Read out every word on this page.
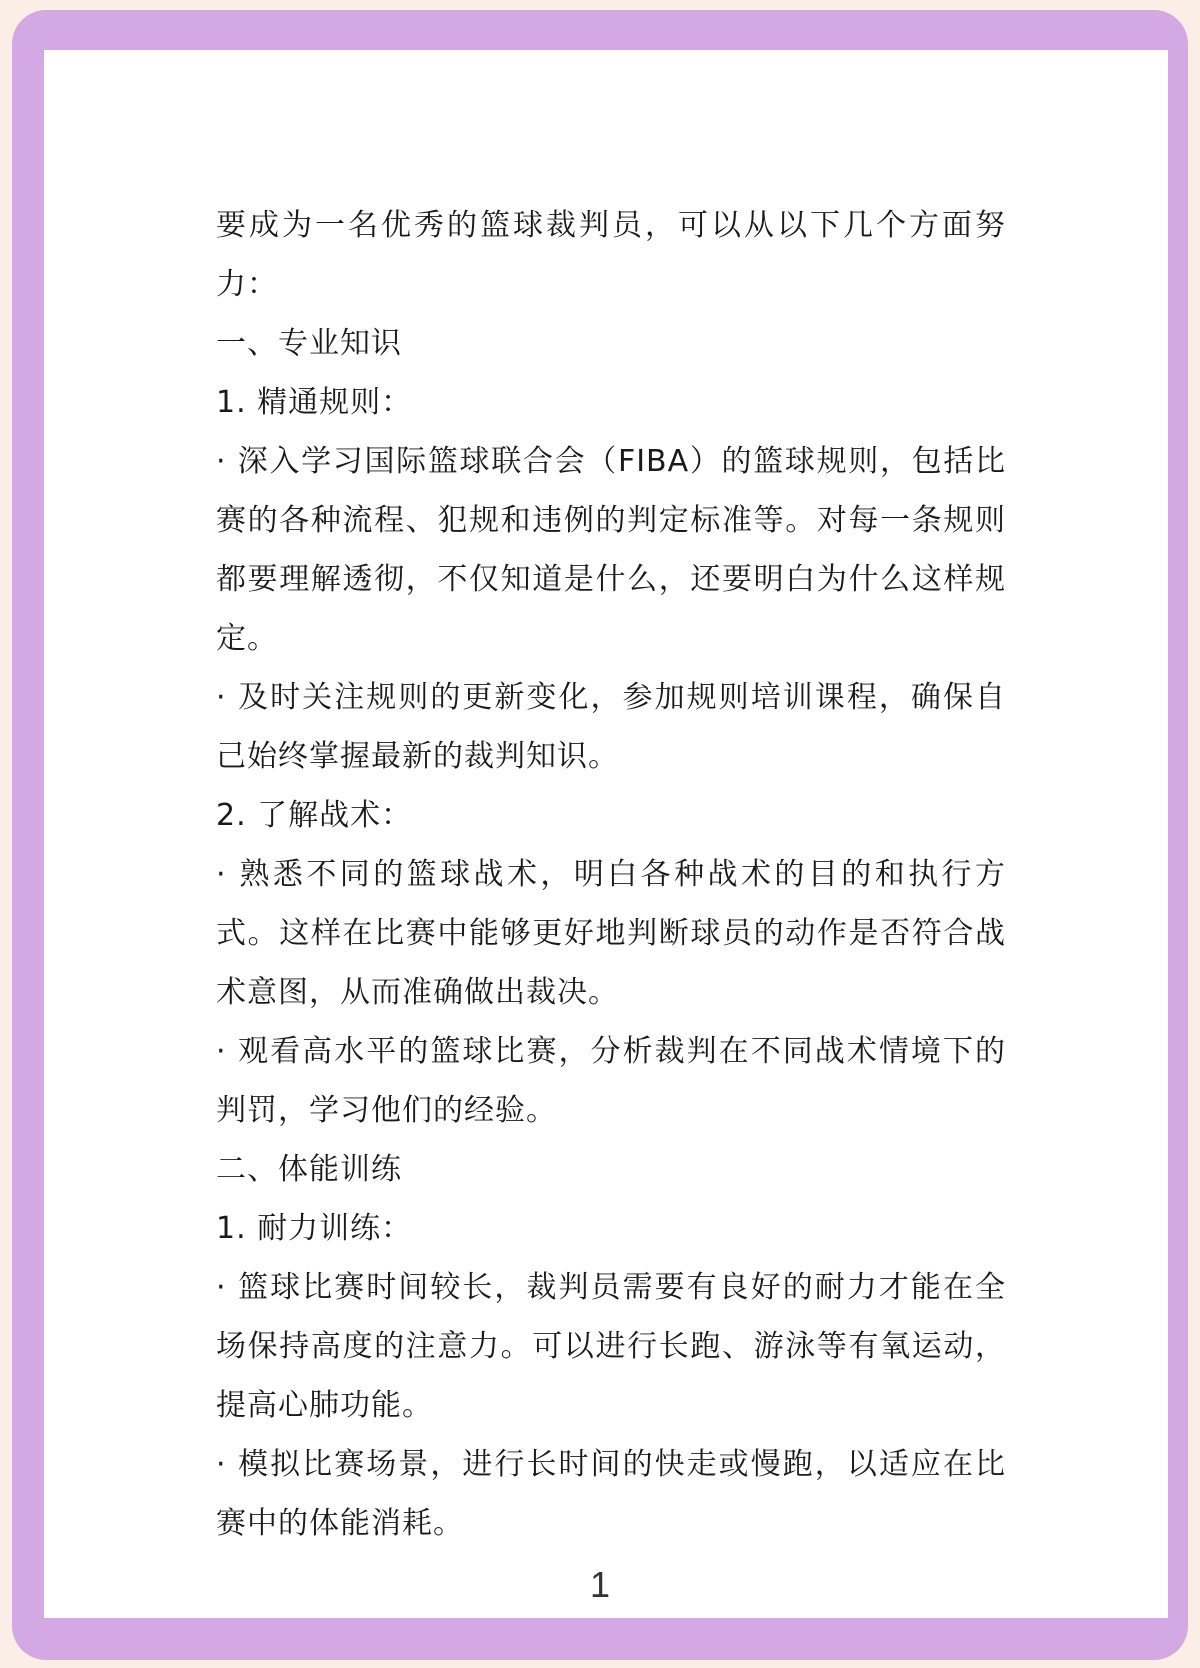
要成为一名优秀的篮球裁判员，可以从以下几个方面努力：

一、专业知识

1. 精通规则：

· 深入学习国际篮球联合会（FIBA）的篮球规则，包括比赛的各种流程、犯规和违例的判定标准等。对每一条规则都要理解透彻，不仅知道是什么，还要明白为什么这样规定。

· 及时关注规则的更新变化，参加规则培训课程，确保自己始终掌握最新的裁判知识。

2. 了解战术：

· 熟悉不同的篮球战术，明白各种战术的目的和执行方式。这样在比赛中能够更好地判断球员的动作是否符合战术意图，从而准确做出裁决。

· 观看高水平的篮球比赛，分析裁判在不同战术情境下的判罚，学习他们的经验。

二、体能训练

1. 耐力训练：

· 篮球比赛时间较长，裁判员需要有良好的耐力才能在全场保持高度的注意力。可以进行长跑、游泳等有氧运动，提高心肺功能。

· 模拟比赛场景，进行长时间的快走或慢跑，以适应在比赛中的体能消耗。

1
